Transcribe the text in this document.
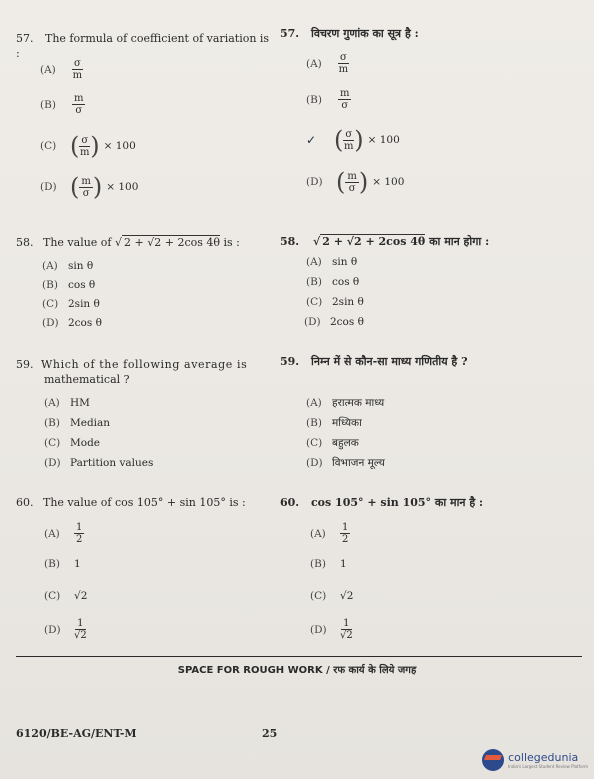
57. The formula of coefficient of variation is :
(A)	$\frac{\sigma}{m}$
(B)	$\frac{m}{\sigma}$
(C) ( $\frac{\sigma}{m}$ ) × 100
(D) ( $\frac{m}{\sigma}$ ) × 100
57. विचरण गुणांक का सूत्र है :
(A)	$\frac{\sigma}{m}$
(B)	$\frac{m}{\sigma}$
✓ ( $\frac{\sigma}{m}$ ) × 100
(D) ( $\frac{m}{\sigma}$ ) × 100
58. The value of √ 2 + √2 + 2cos 4θ is :
(A) sin θ
(B) cos θ
(C) 2sin θ
(D) 2cos θ
58. √ 2 + √2 + 2cos 4θ का मान होगा :
(A) sin θ
(B) cos θ
(C) 2sin θ
(D) 2cos θ
59. Which of the following average is
mathematical ?
(A) HM
(B) Median
(C) Mode
(D) Partition values
59. निम्न में से कौन-सा माध्य गणितीय है ?
(A) हरात्मक माध्य
(B) मध्यिका
(C) बहुलक
(D) विभाजन मूल्य
60. The value of cos 105° + sin 105° is :
(A)	$\frac{1}{2}$
(B)	1
(C)	√2
(D)	$\frac{1}{√2}$
60. cos 105° + sin 105° का मान है :
(A)	$\frac{1}{2}$
(B)	1
(C)	√2
(D)	$\frac{1}{√2}$
SPACE FOR ROUGH WORK / रफ कार्य के लिये जगह
6120/BE-AG/ENT-M	25
collegedunia
India's Largest Student Review Platform
